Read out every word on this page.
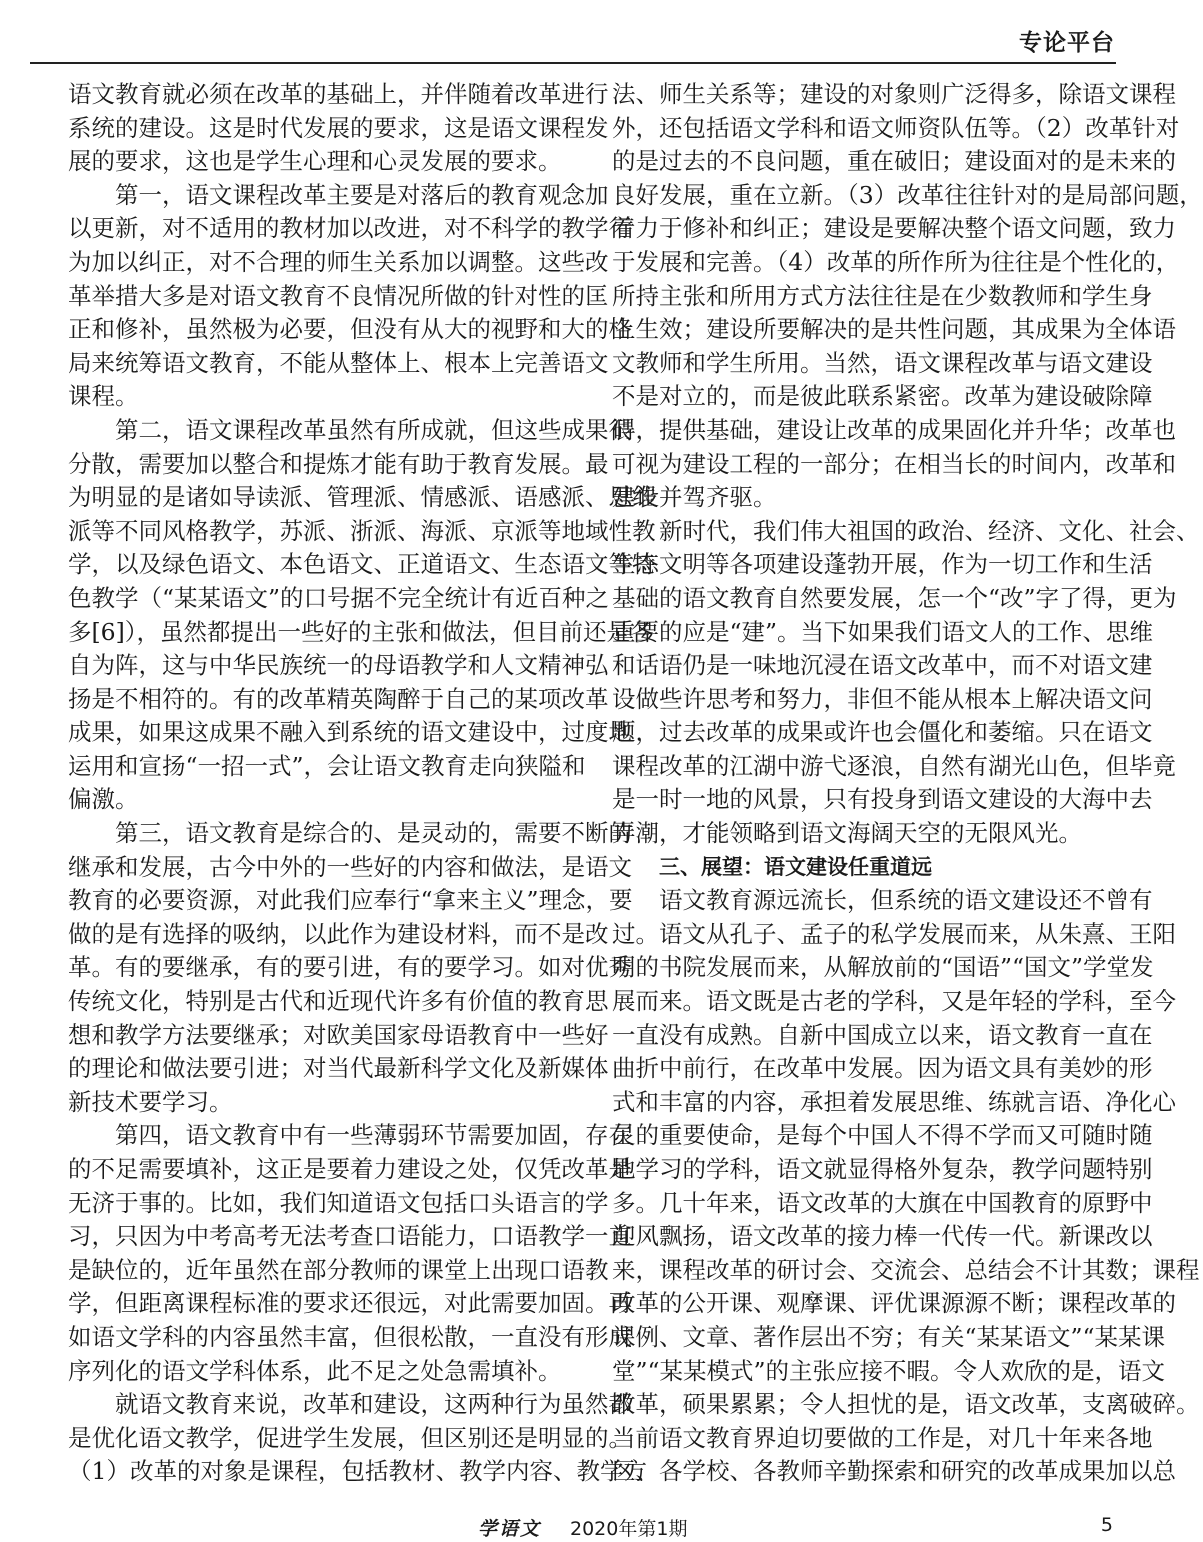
专论平台
语文教育就必须在改革的基础上，并伴随着改革进行
系统的建设。这是时代发展的要求，这是语文课程发
展的要求，这也是学生心理和心灵发展的要求。
第一，语文课程改革主要是对落后的教育观念加
以更新，对不适用的教材加以改进，对不科学的教学行
为加以纠正，对不合理的师生关系加以调整。这些改
革举措大多是对语文教育不良情况所做的针对性的匡
正和修补，虽然极为必要，但没有从大的视野和大的格
局来统筹语文教育，不能从整体上、根本上完善语文
课程。
第二，语文课程改革虽然有所成就，但这些成果很
分散，需要加以整合和提炼才能有助于教育发展。最
为明显的是诸如导读派、管理派、情感派、语感派、思维
派等不同风格教学，苏派、浙派、海派、京派等地域性教
学，以及绿色语文、本色语文、正道语文、生态语文等特
色教学（“某某语文”的口号据不完全统计有近百种之
多[6]），虽然都提出一些好的主张和做法，但目前还是各
自为阵，这与中华民族统一的母语教学和人文精神弘
扬是不相符的。有的改革精英陶醉于自己的某项改革
成果，如果这成果不融入到系统的语文建设中，过度地
运用和宣扬“一招一式”，会让语文教育走向狭隘和
偏激。
第三，语文教育是综合的、是灵动的，需要不断的
继承和发展，古今中外的一些好的内容和做法，是语文
教育的必要资源，对此我们应奉行“拿来主义”理念，要
做的是有选择的吸纳，以此作为建设材料，而不是改
革。有的要继承，有的要引进，有的要学习。如对优秀
传统文化，特别是古代和近现代许多有价值的教育思
想和教学方法要继承；对欧美国家母语教育中一些好
的理论和做法要引进；对当代最新科学文化及新媒体
新技术要学习。
第四，语文教育中有一些薄弱环节需要加固，存在
的不足需要填补，这正是要着力建设之处，仅凭改革是
无济于事的。比如，我们知道语文包括口头语言的学
习，只因为中考高考无法考查口语能力，口语教学一直
是缺位的，近年虽然在部分教师的课堂上出现口语教
学，但距离课程标准的要求还很远，对此需要加固。再
如语文学科的内容虽然丰富，但很松散，一直没有形成
序列化的语文学科体系，此不足之处急需填补。
就语文教育来说，改革和建设，这两种行为虽然都
是优化语文教学，促进学生发展，但区别还是明显的。
（1）改革的对象是课程，包括教材、教学内容、教学方
法、师生关系等；建设的对象则广泛得多，除语文课程
外，还包括语文学科和语文师资队伍等。（2）改革针对
的是过去的不良问题，重在破旧；建设面对的是未来的
良好发展，重在立新。（3）改革往往针对的是局部问题，
着力于修补和纠正；建设是要解决整个语文问题，致力
于发展和完善。（4）改革的所作所为往往是个性化的，
所持主张和所用方式方法往往是在少数教师和学生身
上生效；建设所要解决的是共性问题，其成果为全体语
文教师和学生所用。当然，语文课程改革与语文建设
不是对立的，而是彼此联系紧密。改革为建设破除障
碍，提供基础，建设让改革的成果固化并升华；改革也
可视为建设工程的一部分；在相当长的时间内，改革和
建设并驾齐驱。
新时代，我们伟大祖国的政治、经济、文化、社会、
生态文明等各项建设蓬勃开展，作为一切工作和生活
基础的语文教育自然要发展，怎一个“改”字了得，更为
重要的应是“建”。当下如果我们语文人的工作、思维
和话语仍是一味地沉浸在语文改革中，而不对语文建
设做些许思考和努力，非但不能从根本上解决语文问
题，过去改革的成果或许也会僵化和萎缩。只在语文
课程改革的江湖中游弋逐浪，自然有湖光山色，但毕竟
是一时一地的风景，只有投身到语文建设的大海中去
弄潮，才能领略到语文海阔天空的无限风光。
三、展望：语文建设任重道远
语文教育源远流长，但系统的语文建设还不曾有
过。语文从孔子、孟子的私学发展而来，从朱熹、王阳
明的书院发展而来，从解放前的“国语”“国文”学堂发
展而来。语文既是古老的学科，又是年轻的学科，至今
一直没有成熟。自新中国成立以来，语文教育一直在
曲折中前行，在改革中发展。因为语文具有美妙的形
式和丰富的内容，承担着发展思维、练就言语、净化心
灵的重要使命，是每个中国人不得不学而又可随时随
地学习的学科，语文就显得格外复杂，教学问题特别
多。几十年来，语文改革的大旗在中国教育的原野中
迎风飘扬，语文改革的接力棒一代传一代。新课改以
来，课程改革的研讨会、交流会、总结会不计其数；课程
改革的公开课、观摩课、评优课源源不断；课程改革的
课例、文章、著作层出不穷；有关“某某语文”“某某课
堂”“某某模式”的主张应接不暇。令人欢欣的是，语文
改革，硕果累累；令人担忧的是，语文改革，支离破碎。
当前语文教育界迫切要做的工作是，对几十年来各地
区、各学校、各教师辛勤探索和研究的改革成果加以总
学语文 2020年第1期	5
